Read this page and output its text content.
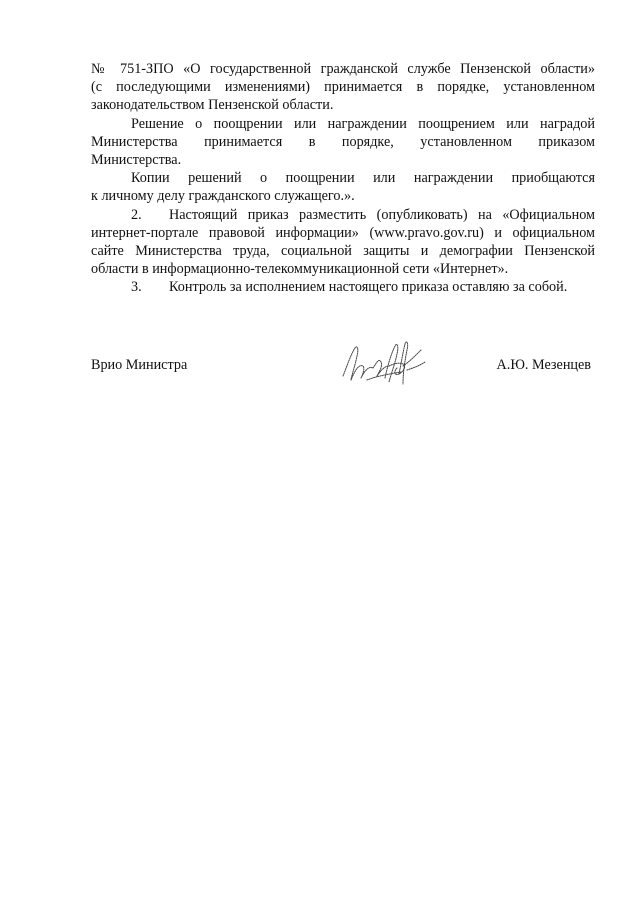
№ 751-ЗПО «О государственной гражданской службе Пензенской области»
(с последующими изменениями) принимается в порядке, установленном
законодательством Пензенской области.
Решение о поощрении или награждении поощрением или наградой
Министерства принимается в порядке, установленном приказом
Министерства.
Копии решений о поощрении или награждении приобщаются
к личному делу гражданского служащего.».
2.	Настоящий приказ разместить (опубликовать) на «Официальном
интернет-портале правовой информации» (www.pravo.gov.ru) и официальном
сайте Министерства труда, социальной защиты и демографии Пензенской
области в информационно-телекоммуникационной сети «Интернет».
3.	Контроль за исполнением настоящего приказа оставляю за собой.
Врио Министра	А.Ю. Мезенцев
